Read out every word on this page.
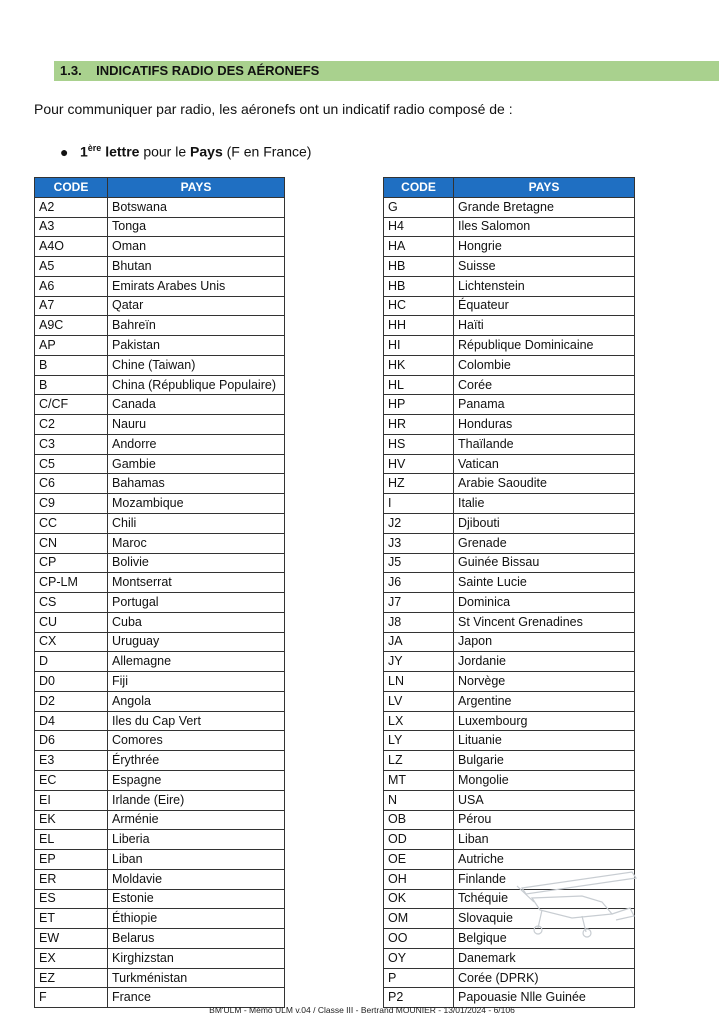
1.3. INDICATIFS RADIO DES AÉRONEFS
Pour communiquer par radio, les aéronefs ont un indicatif radio composé de :
● 1ère lettre pour le Pays (F en France)
CODE	PAYS
A2	Botswana
A3	Tonga
A4O	Oman
A5	Bhutan
A6	Emirats Arabes Unis
A7	Qatar
A9C	Bahreïn
AP	Pakistan
B	Chine (Taiwan)
B	China (République Populaire)
C/CF	Canada
C2	Nauru
C3	Andorre
C5	Gambie
C6	Bahamas
C9	Mozambique
CC	Chili
CN	Maroc
CP	Bolivie
CP-LM	Montserrat
CS	Portugal
CU	Cuba
CX	Uruguay
D	Allemagne
D0	Fiji
D2	Angola
D4	Iles du Cap Vert
D6	Comores
E3	Érythrée
EC	Espagne
EI	Irlande (Eire)
EK	Arménie
EL	Liberia
EP	Liban
ER	Moldavie
ES	Estonie
ET	Éthiopie
EW	Belarus
EX	Kirghizstan
EZ	Turkménistan
F	France
CODE	PAYS
G	Grande Bretagne
H4	Iles Salomon
HA	Hongrie
HB	Suisse
HB	Lichtenstein
HC	Équateur
HH	Haïti
HI	République Dominicaine
HK	Colombie
HL	Corée
HP	Panama
HR	Honduras
HS	Thaïlande
HV	Vatican
HZ	Arabie Saoudite
I	Italie
J2	Djibouti
J3	Grenade
J5	Guinée Bissau
J6	Sainte Lucie
J7	Dominica
J8	St Vincent Grenadines
JA	Japon
JY	Jordanie
LN	Norvège
LV	Argentine
LX	Luxembourg
LY	Lituanie
LZ	Bulgarie
MT	Mongolie
N	USA
OB	Pérou
OD	Liban
OE	Autriche
OH	Finlande
OK	Tchéquie
OM	Slovaquie
OO	Belgique
OY	Danemark
P	Corée (DPRK)
P2	Papouasie Nlle Guinée
BM'ULM - Mémo ULM v.04 / Classe III - Bertrand MOUNIER - 13/01/2024 - 6/106
